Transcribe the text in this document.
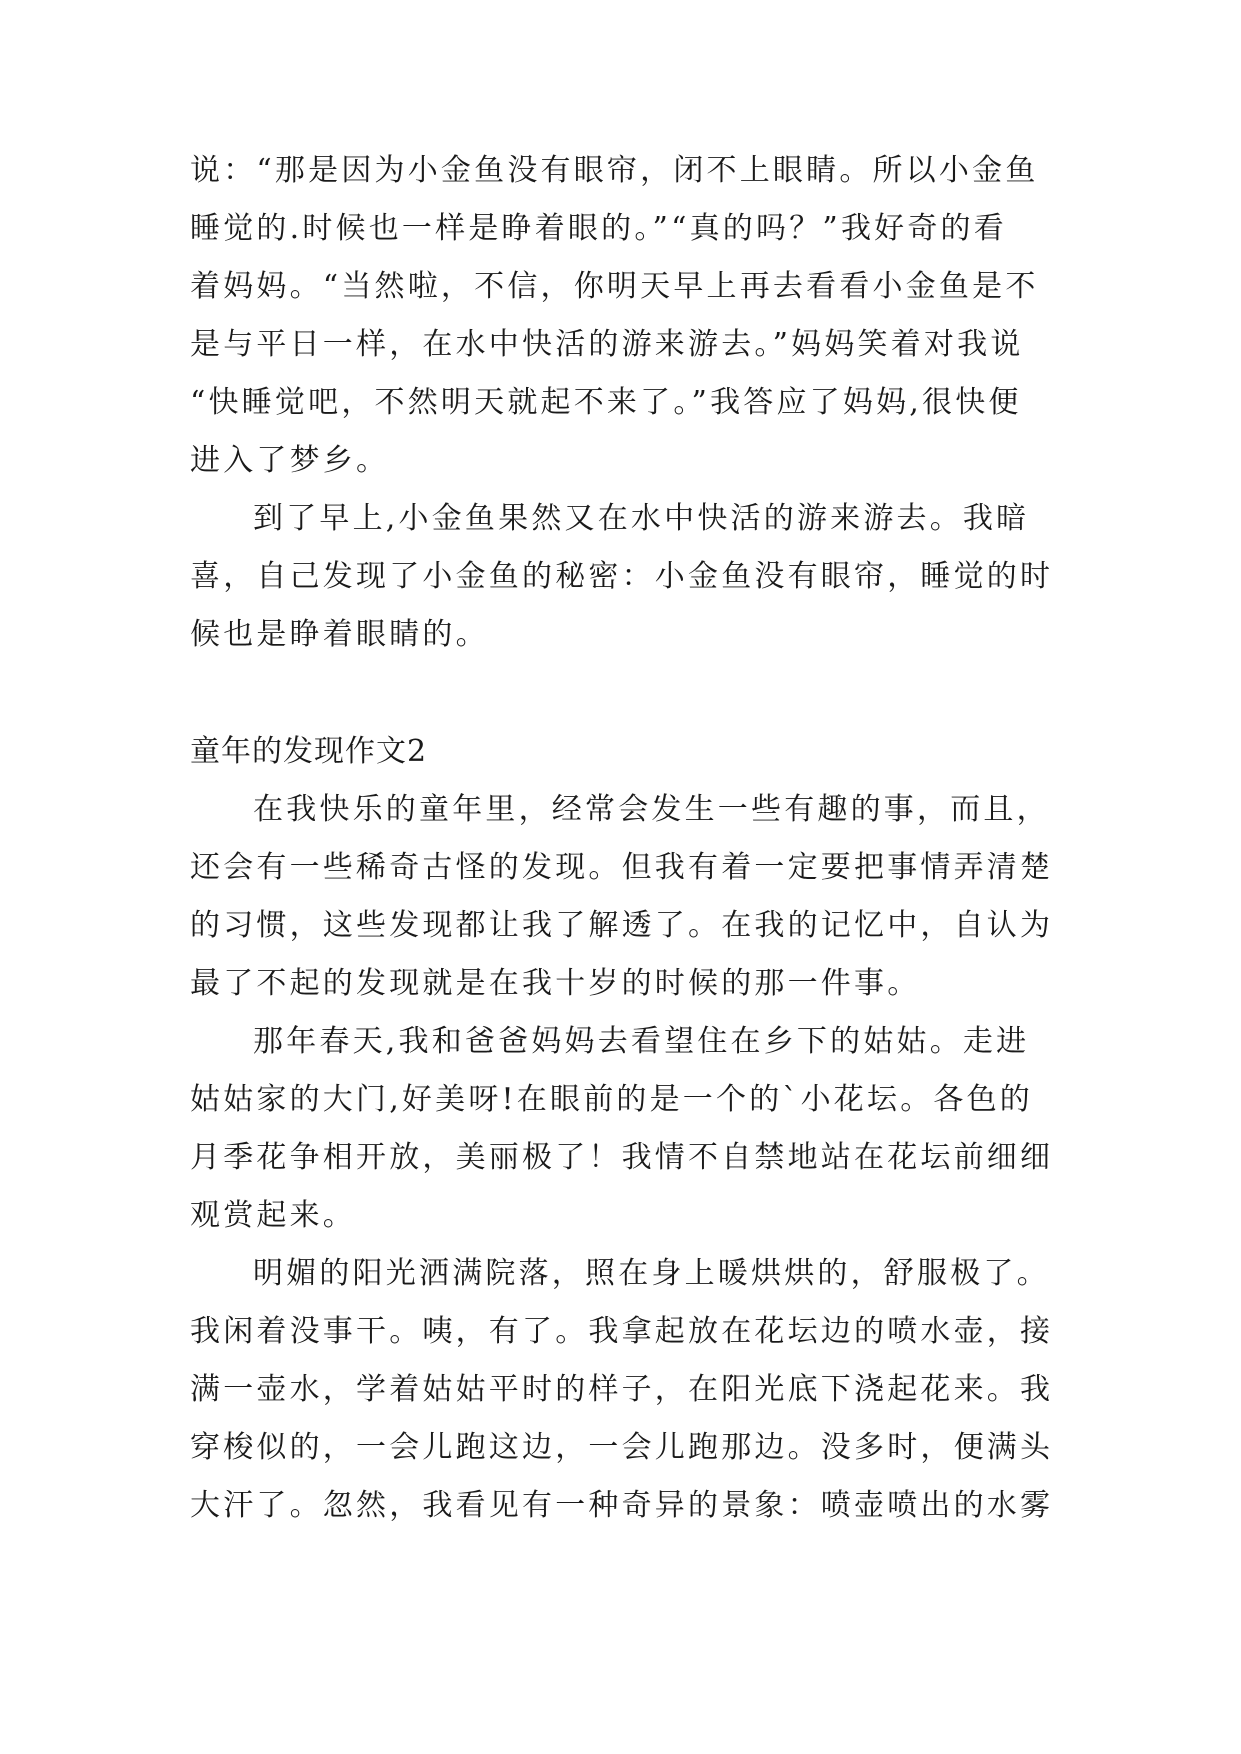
说：“那是因为小金鱼没有眼帘，闭不上眼睛。所以小金鱼
睡觉的.时候也一样是睁着眼的。”“真的吗？”我好奇的看
着妈妈。“当然啦，不信，你明天早上再去看看小金鱼是不
是与平日一样，在水中快活的游来游去。”妈妈笑着对我说
“快睡觉吧，不然明天就起不来了。”我答应了妈妈,很快便
进入了梦乡。
到了早上,小金鱼果然又在水中快活的游来游去。我暗
喜，自己发现了小金鱼的秘密：小金鱼没有眼帘，睡觉的时
候也是睁着眼睛的。
童年的发现作文2
在我快乐的童年里，经常会发生一些有趣的事，而且，
还会有一些稀奇古怪的发现。但我有着一定要把事情弄清楚
的习惯，这些发现都让我了解透了。在我的记忆中，自认为
最了不起的发现就是在我十岁的时候的那一件事。
那年春天,我和爸爸妈妈去看望住在乡下的姑姑。走进
姑姑家的大门,好美呀!在眼前的是一个的`小花坛。各色的
月季花争相开放，美丽极了！我情不自禁地站在花坛前细细
观赏起来。
明媚的阳光洒满院落，照在身上暖烘烘的，舒服极了。
我闲着没事干。咦，有了。我拿起放在花坛边的喷水壶，接
满一壶水，学着姑姑平时的样子，在阳光底下浇起花来。我
穿梭似的，一会儿跑这边，一会儿跑那边。没多时，便满头
大汗了。忽然，我看见有一种奇异的景象：喷壶喷出的水雾
